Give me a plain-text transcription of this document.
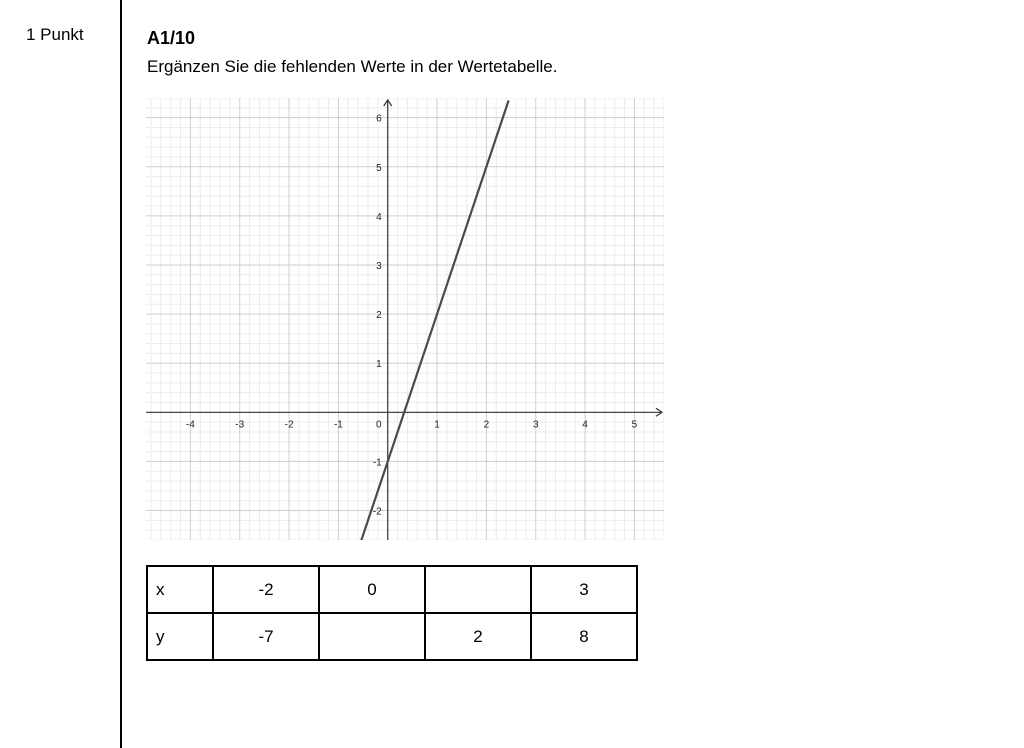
1 Punkt	A1/10
Ergänzen Sie die fehlenden Werte in der Wertetabelle.
-4	-3	-2	-1	0	1	2	3	4	5
-2
-1
1
2
3
4
5
6
x	-2	0		3
y	-7		2	8
